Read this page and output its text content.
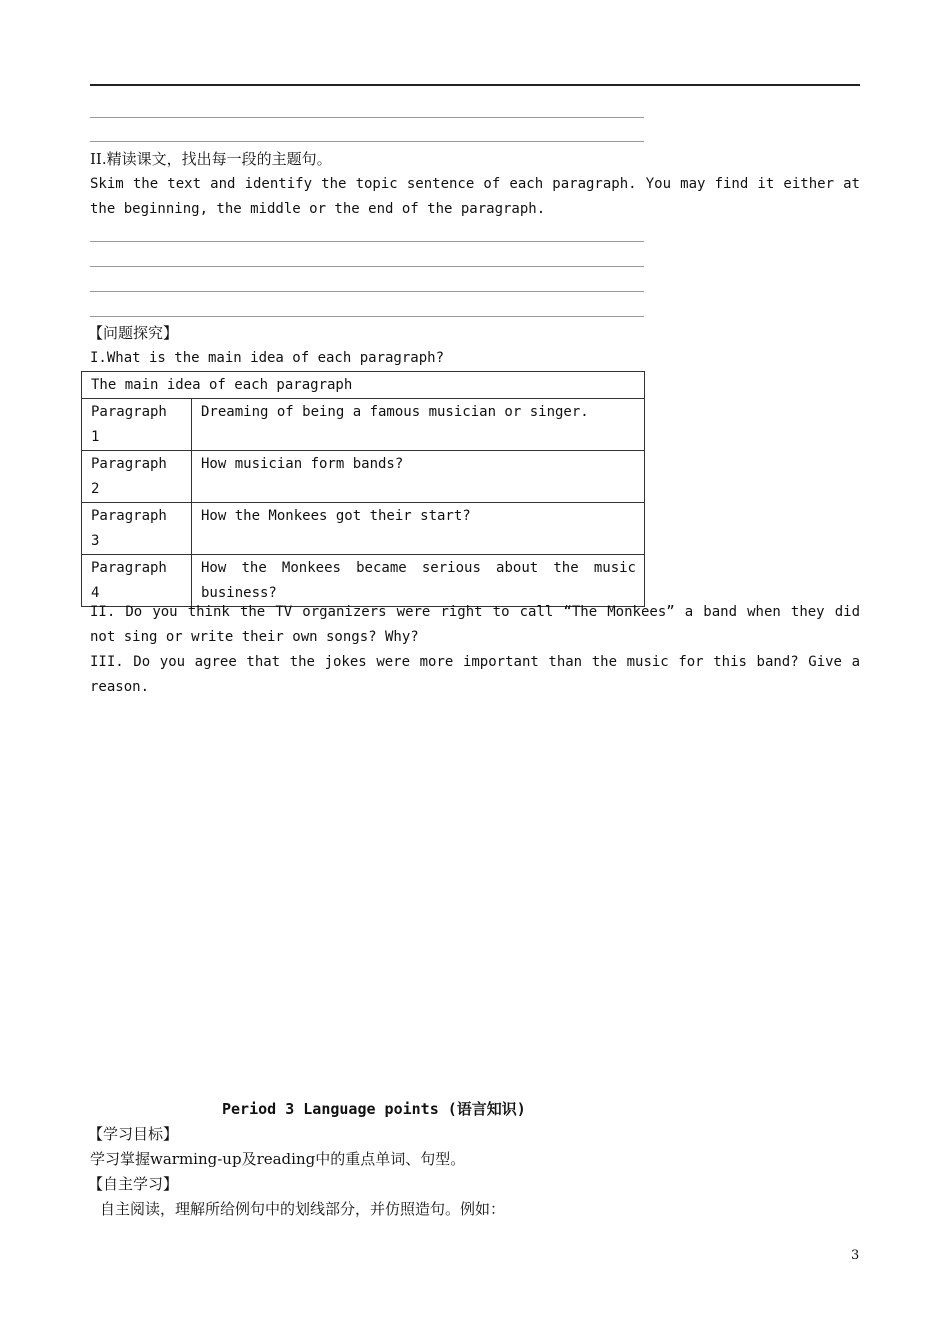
II.精读课文，找出每一段的主题句。
Skim the text and identify the topic sentence of each paragraph. You may find it either at the beginning, the middle or the end of the paragraph.
【问题探究】
I.What is the main idea of each paragraph?
The main idea of each paragraph	
Paragraph 1	Dreaming of being a famous musician or singer.
Paragraph 2	How musician form bands?
Paragraph 3	How the Monkees got their start?
Paragraph 4	How the Monkees became serious about the music business?
II. Do you think the TV organizers were right to call “The Monkees” a band when they did not sing or write their own songs? Why?
III. Do you agree that the jokes were more important than the music for this band? Give a reason.
Period 3 Language points (语言知识)
【学习目标】
学习掌握warming-up及reading中的重点单词、句型。
【自主学习】
自主阅读，理解所给例句中的划线部分，并仿照造句。例如：
3
